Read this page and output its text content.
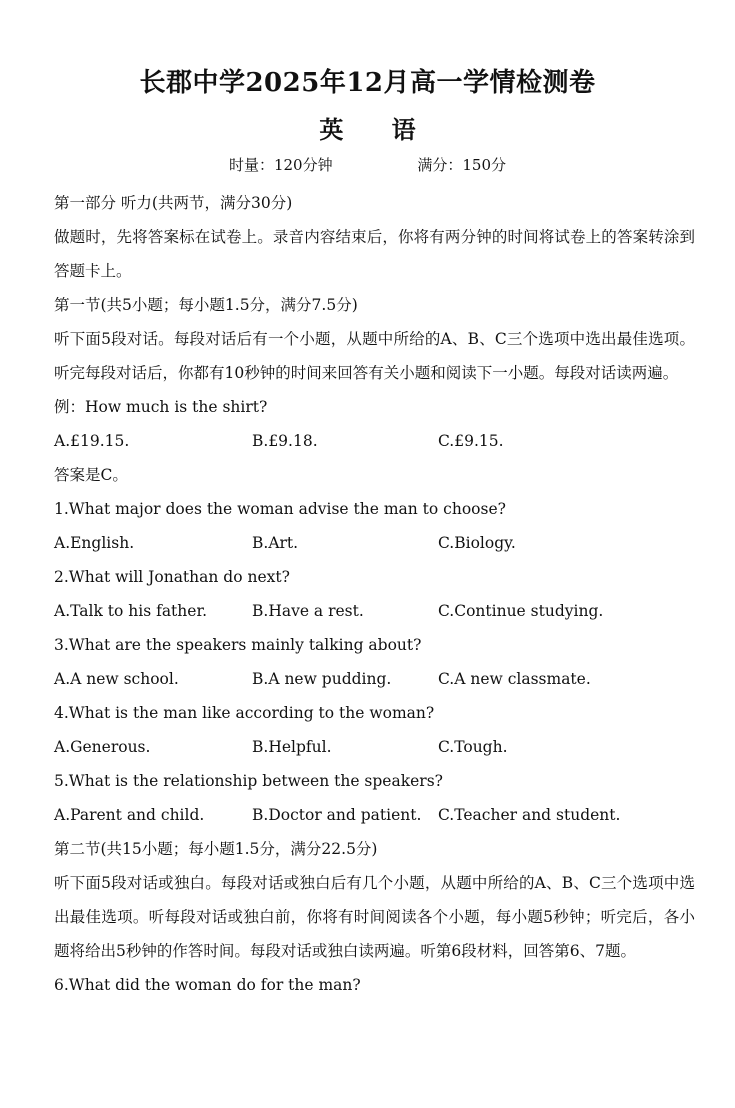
长郡中学2025年12月高一学情检测卷
英 语
时量：120分钟	满分：150分

第一部分 听力(共两节，满分30分)

做题时，先将答案标在试卷上。录音内容结束后，你将有两分钟的时间将试卷上的答案转涂到答题卡上。

第一节(共5小题；每小题1.5分，满分7.5分)

听下面5段对话。每段对话后有一个小题，从题中所给的A、B、C三个选项中选出最佳选项。听完每段对话后，你都有10秒钟的时间来回答有关小题和阅读下一小题。每段对话读两遍。

例：How much is the shirt?

A.£19.15.	B.£9.18.	C.£9.15.

答案是C。

1.What major does the woman advise the man to choose?

A.English.	B.Art.	C.Biology.

2.What will Jonathan do next?

A.Talk to his father.	B.Have a rest.	C.Continue studying.

3.What are the speakers mainly talking about?

A.A new school.	B.A new pudding.	C.A new classmate.

4.What is the man like according to the woman?

A.Generous.	B.Helpful.	C.Tough.

5.What is the relationship between the speakers?

A.Parent and child.	B.Doctor and patient.	C.Teacher and student.

第二节(共15小题；每小题1.5分，满分22.5分)

听下面5段对话或独白。每段对话或独白后有几个小题，从题中所给的A、B、C三个选项中选出最佳选项。听每段对话或独白前，你将有时间阅读各个小题，每小题5秒钟；听完后，各小题将给出5秒钟的作答时间。每段对话或独白读两遍。听第6段材料，回答第6、7题。

6.What did the woman do for the man?
